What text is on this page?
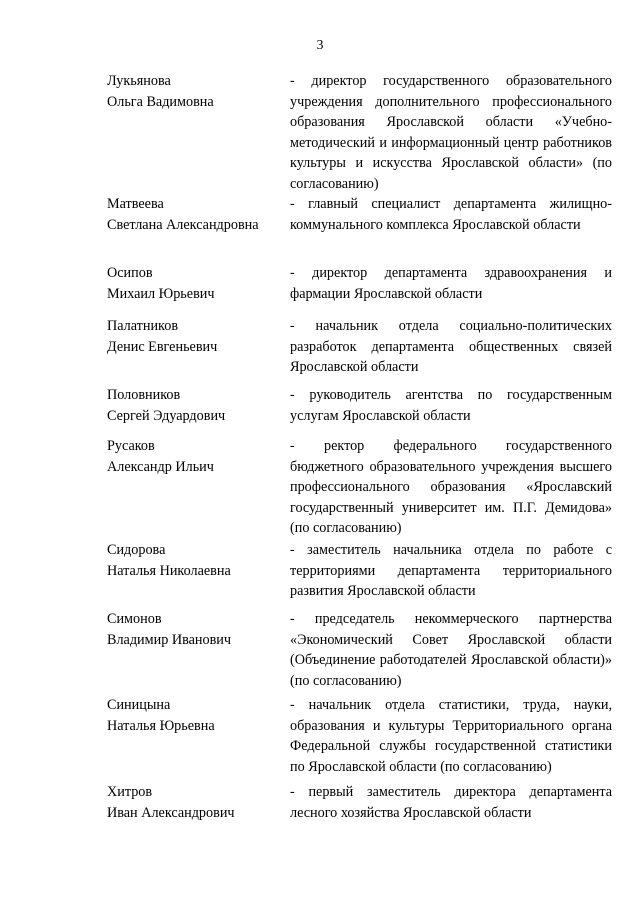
3
Лукьянова
Ольга Вадимовна
- директор государственного образовательного учреждения дополнительного профессионального образования Ярославской области «Учебно-методический и информационный центр работников культуры и искусства Ярославской области» (по согласованию)
Матвеева
Светлана Александровна
- главный специалист департамента жилищно-коммунального комплекса Ярославской области
Осипов
Михаил Юрьевич
- директор департамента здравоохранения и фармации Ярославской области
Палатников
Денис Евгеньевич
- начальник отдела социально-политических разработок департамента общественных связей Ярославской области
Половников
Сергей Эдуардович
- руководитель агентства по государственным услугам Ярославской области
Русаков
Александр Ильич
- ректор федерального государственного бюджетного образовательного учреждения высшего профессионального образования «Ярославский государственный университет им. П.Г. Демидова» (по согласованию)
Сидорова
Наталья Николаевна
- заместитель начальника отдела по работе с территориями департамента территориального развития Ярославской области
Симонов
Владимир Иванович
- председатель некоммерческого партнерства «Экономический Совет Ярославской области (Объединение работодателей Ярославской области)» (по согласованию)
Синицына
Наталья Юрьевна
- начальник отдела статистики, труда, науки, образования и культуры Территориального органа Федеральной службы государственной статистики по Ярославской области (по согласованию)
Хитров
Иван Александрович
- первый заместитель директора департамента лесного хозяйства Ярославской области
